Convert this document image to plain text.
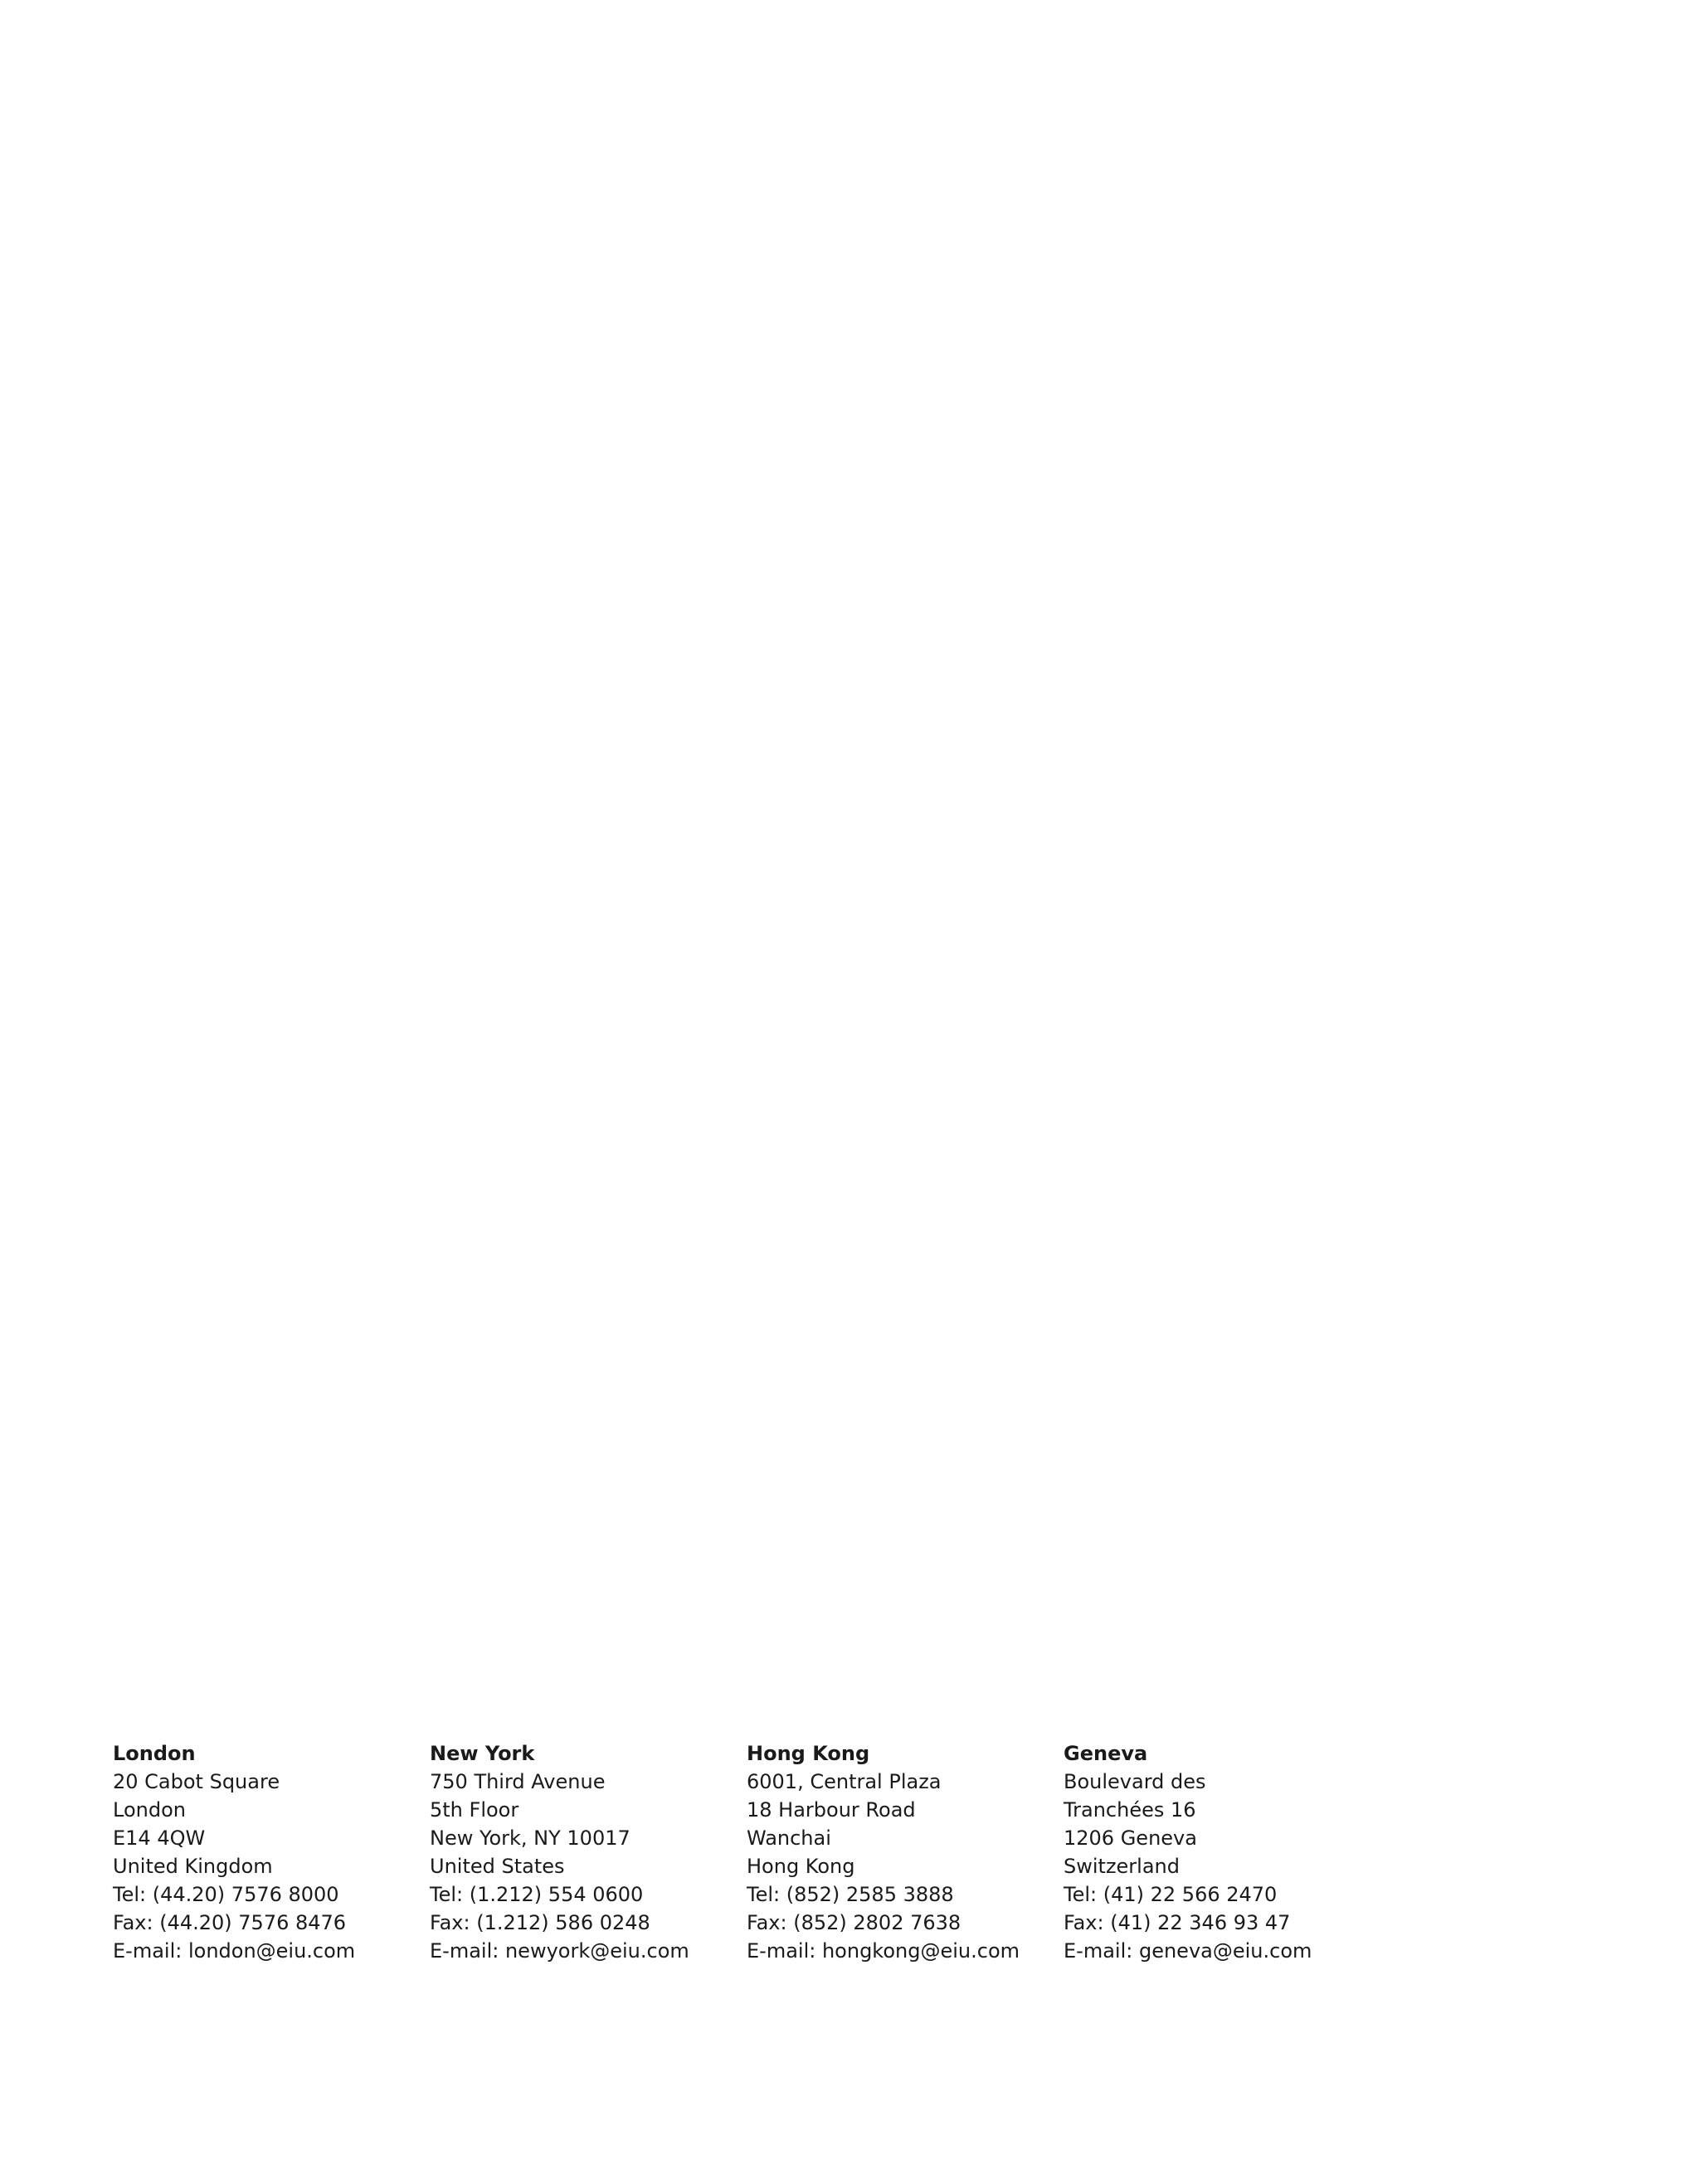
London
20 Cabot Square
London
E14 4QW
United Kingdom
Tel: (44.20) 7576 8000
Fax: (44.20) 7576 8476
E-mail: london@eiu.com
New York
750 Third Avenue
5th Floor
New York, NY 10017
United States
Tel: (1.212) 554 0600
Fax: (1.212) 586 0248
E-mail: newyork@eiu.com
Hong Kong
6001, Central Plaza
18 Harbour Road
Wanchai
Hong Kong
Tel: (852) 2585 3888
Fax: (852) 2802 7638
E-mail: hongkong@eiu.com
Geneva
Boulevard des
Tranchées 16
1206 Geneva
Switzerland
Tel: (41) 22 566 2470
Fax: (41) 22 346 93 47
E-mail: geneva@eiu.com
